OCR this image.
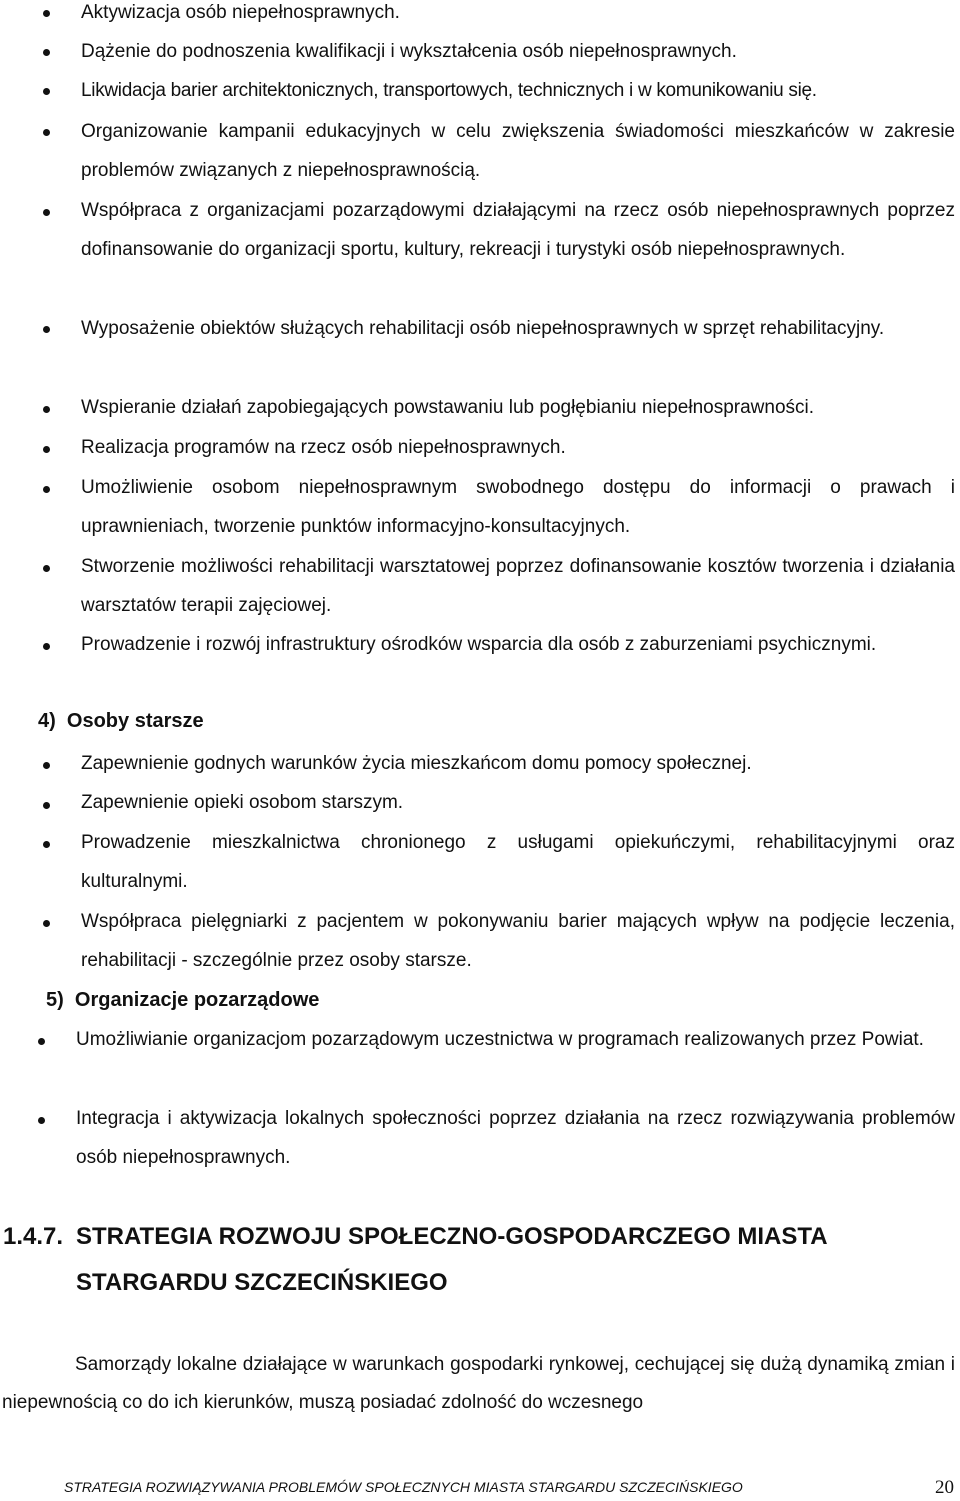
Aktywizacja osób niepełnosprawnych.
Dążenie do podnoszenia kwalifikacji i wykształcenia osób niepełnosprawnych.
Likwidacja barier architektonicznych, transportowych, technicznych i w komunikowaniu się.
Organizowanie kampanii edukacyjnych w celu zwiększenia świadomości mieszkańców w zakresie problemów związanych z niepełnosprawnością.
Współpraca z organizacjami pozarządowymi działającymi na rzecz osób niepełnosprawnych poprzez dofinansowanie do organizacji sportu, kultury, rekreacji i turystyki osób niepełnosprawnych.
Wyposażenie obiektów służących rehabilitacji osób niepełnosprawnych w sprzęt rehabilitacyjny.
Wspieranie działań zapobiegających powstawaniu lub pogłębianiu niepełnosprawności.
Realizacja programów na rzecz osób niepełnosprawnych.
Umożliwienie osobom niepełnosprawnym swobodnego dostępu do informacji o prawach i uprawnieniach, tworzenie punktów informacyjno-konsultacyjnych.
Stworzenie możliwości rehabilitacji warsztatowej poprzez dofinansowanie kosztów tworzenia i działania warsztatów terapii zajęciowej.
Prowadzenie i rozwój infrastruktury ośrodków wsparcia dla osób z zaburzeniami psychicznymi.
4)  Osoby starsze
Zapewnienie godnych warunków życia mieszkańcom domu pomocy społecznej.
Zapewnienie opieki osobom starszym.
Prowadzenie mieszkalnictwa chronionego z usługami opiekuńczymi, rehabilitacyjnymi oraz kulturalnymi.
Współpraca pielęgniarki z pacjentem w pokonywaniu barier mających wpływ na podjęcie leczenia, rehabilitacji - szczególnie przez osoby starsze.
5)  Organizacje pozarządowe
Umożliwianie organizacjom pozarządowym uczestnictwa w programach realizowanych przez Powiat.
Integracja i aktywizacja lokalnych społeczności poprzez działania na rzecz rozwiązywania problemów osób niepełnosprawnych.
1.4.7. STRATEGIA ROZWOJU SPOŁECZNO-GOSPODARCZEGO MIASTA STARGARDU SZCZECIŃSKIEGO
Samorządy lokalne działające w warunkach gospodarki rynkowej, cechującej się dużą dynamiką zmian i niepewnością co do ich kierunków, muszą posiadać zdolność do wczesnego
STRATEGIA ROZWIĄZYWANIA PROBLEMÓW SPOŁECZNYCH MIASTA STARGARDU SZCZECIŃSKIEGO	20
